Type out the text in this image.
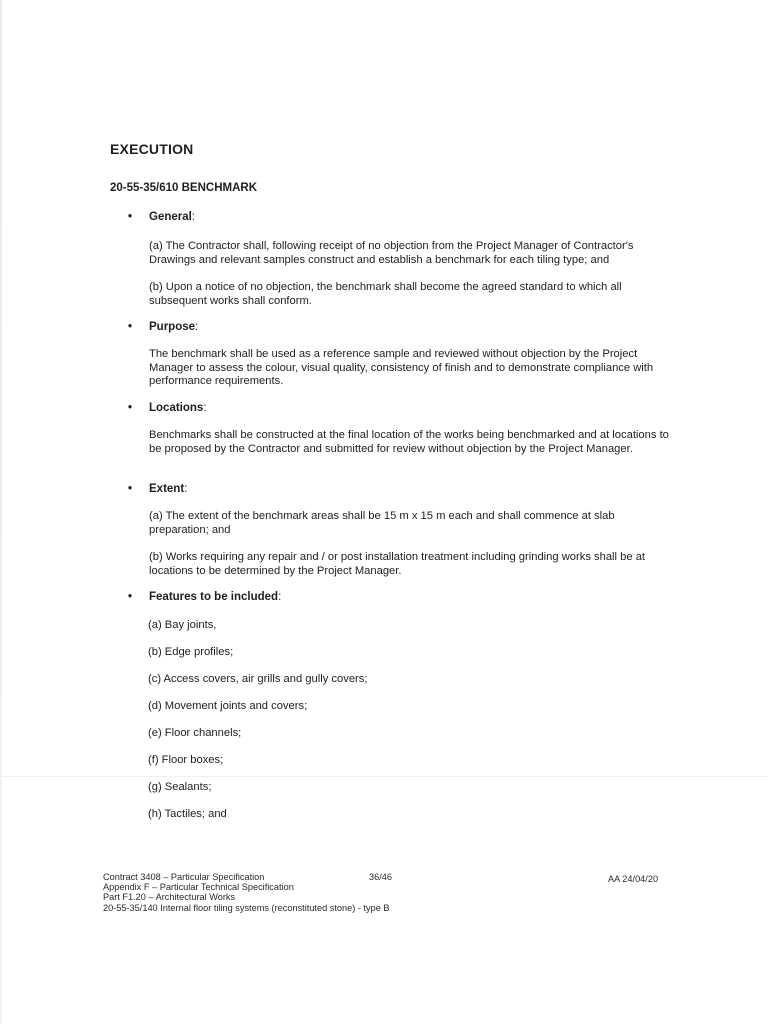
EXECUTION
20-55-35/610 BENCHMARK
• General:
(a) The Contractor shall, following receipt of no objection from the Project Manager of Contractor's Drawings and relevant samples construct and establish a benchmark for each tiling type; and
(b) Upon a notice of no objection, the benchmark shall become the agreed standard to which all subsequent works shall conform.
• Purpose:
The benchmark shall be used as a reference sample and reviewed without objection by the Project Manager to assess the colour, visual quality, consistency of finish and to demonstrate compliance with performance requirements.
• Locations:
Benchmarks shall be constructed at the final location of the works being benchmarked and at locations to be proposed by the Contractor and submitted for review without objection by the Project Manager.
• Extent:
(a) The extent of the benchmark areas shall be 15 m x 15 m each and shall commence at slab preparation; and
(b) Works requiring any repair and / or post installation treatment including grinding works shall be at locations to be determined by the Project Manager.
• Features to be included:
(a) Bay joints,
(b) Edge profiles;
(c) Access covers, air grills and gully covers;
(d) Movement joints and covers;
(e) Floor channels;
(f) Floor boxes;
(g) Sealants;
(h) Tactiles; and
Contract 3408 – Particular Specification
Appendix F – Particular Technical Specification
Part F1.20 – Architectural Works
20-55-35/140 Internal floor tiling systems (reconstituted stone) - type B
36/46	AA 24/04/20
